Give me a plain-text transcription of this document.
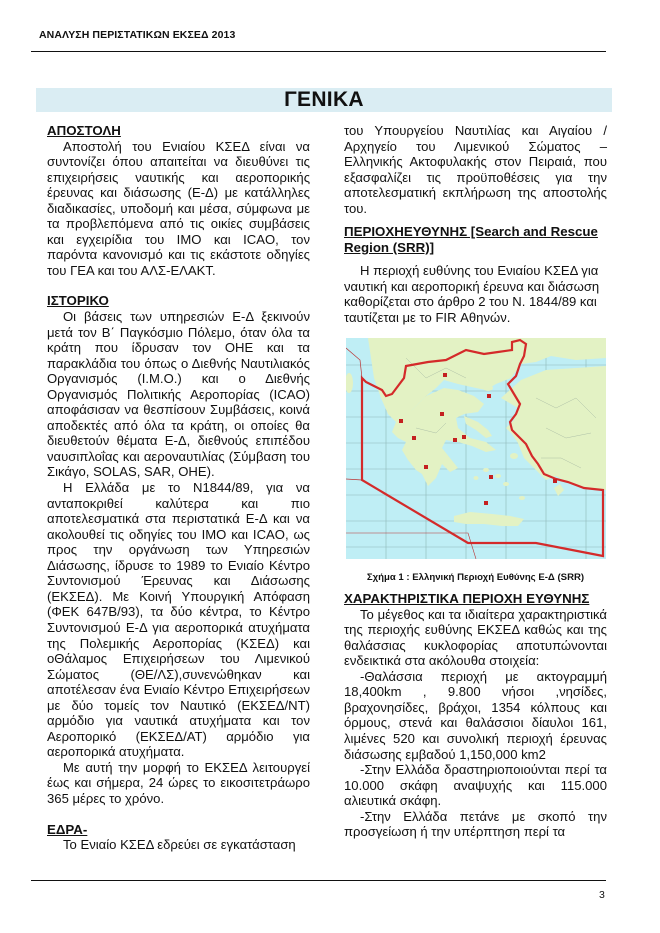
ΑΝΑΛΥΣΗ ΠΕΡΙΣΤΑΤΙΚΩΝ ΕΚΣΕΔ 2013
ΓΕΝΙΚΑ
ΑΠΟΣΤΟΛΗ

Αποστολή του Ενιαίου ΚΣΕΔ είναι να συντονίζει όπου απαιτείται να διευθύνει τις επιχειρήσεις ναυτικής και αεροπορικής έρευνας και διάσωσης (Ε-Δ) με κατάλληλες διαδικασίες, υποδομή και μέσα, σύμφωνα με τα προβλεπόμενα από τις οικίες συμβάσεις και εγχειρίδια του IMO και ICAO, τον παρόντα κανονισμό και τις εκάστοτε οδηγίες του ΓΕΑ και του ΑΛΣ-ΕΛΑΚΤ.

ΙΣΤΟΡΙΚΟ

Οι βάσεις των υπηρεσιών Ε-Δ ξεκινούν μετά τον Β΄ Παγκόσμιο Πόλεμο, όταν όλα τα κράτη που ίδρυσαν τον ΟΗΕ και τα παρακλάδια του όπως ο Διεθνής Ναυτιλιακός Οργανισμός (Ι.Μ.Ο.) και ο Διεθνής Οργανισμός Πολιτικής Αεροπορίας (ICAO) αποφάσισαν να θεσπίσουν Συμβάσεις, κοινά αποδεκτές από όλα τα κράτη, οι οποίες θα διευθετούν θέματα Ε-Δ, διεθνούς επιπέδου ναυσιπλοΐας και αεροναυτιλίας (Σύμβαση του Σικάγο, SOLAS, SAR, ΟΗΕ).

Η Ελλάδα με το Ν1844/89, για να ανταποκριθεί καλύτερα και πιο αποτελεσματικά στα περιστατικά Ε-Δ και να ακολουθεί τις οδηγίες του IMO και ICAO, ως προς την οργάνωση των Υπηρεσιών Διάσωσης, ίδρυσε το 1989 το Ενιαίο Κέντρο Συντονισμού Έρευνας και Διάσωσης (ΕΚΣΕΔ). Με Κοινή Υπουργική Απόφαση (ΦΕΚ 647Β/93), τα δύο κέντρα, το Κέντρο Συντονισμού Ε-Δ για αεροπορικά ατυχήματα της Πολεμικής Αεροπορίας (ΚΣΕΔ) και οΘάλαμος Επιχειρήσεων του Λιμενικού Σώματος (ΘΕ/ΛΣ),συνενώθηκαν και αποτέλεσαν ένα Ενιαίο Κέντρο Επιχειρήσεων με δύο τομείς τον Ναυτικό (ΕΚΣΕΔ/ΝΤ) αρμόδιο για ναυτικά ατυχήματα και τον Αεροπορικό (ΕΚΣΕΔ/ΑΤ) αρμόδιο για αεροπορικά ατυχήματα.

Με αυτή την μορφή το ΕΚΣΕΔ λειτουργεί έως και σήμερα, 24 ώρες το εικοσιτετράωρο 365 μέρες το χρόνο.

ΕΔΡΑ-

Το Ενιαίο ΚΣΕΔ εδρεύει σε εγκατάσταση

του Υπουργείου Ναυτιλίας και Αιγαίου / Αρχηγείο του Λιμενικού Σώματος – Ελληνικής Ακτοφυλακής στον Πειραιά, που εξασφαλίζει τις προϋποθέσεις για την αποτελεσματική εκπλήρωση της αποστολής του.

ΠΕΡΙΟΧΗΕΥΘΥΝΗΣ [Search and Rescue Region (SRR)]

Η περιοχή ευθύνης του Ενιαίου ΚΣΕΔ για ναυτική και αεροπορική έρευνα και διάσωση καθορίζεται στο άρθρο 2 του Ν. 1844/89 και ταυτίζεται με το FIR Αθηνών.

Σχήμα 1 : Ελληνική Περιοχή Ευθύνης Ε-Δ (SRR)

ΧΑΡΑΚΤΗΡΙΣΤΙΚΑ ΠΕΡΙΟΧΗ ΕΥΘΥΝΗΣ

Το μέγεθος και τα ιδιαίτερα χαρακτηριστικά της περιοχής ευθύνης ΕΚΣΕΔ καθώς και της θαλάσσιας κυκλοφορίας αποτυπώνονται ενδεικτικά στα ακόλουθα στοιχεία:

-Θαλάσσια περιοχή με ακτογραμμή 18,400km , 9.800 νήσοι ,νησίδες, βραχονησίδες, βράχοι, 1354 κόλπους και όρμους, στενά και θαλάσσιοι δίαυλοι 161, λιμένες 520 και συνολική περιοχή έρευνας διάσωσης εμβαδού 1,150,000 km2

-Στην Ελλάδα δραστηριοποιούνται περί τα 10.000 σκάφη αναψυχής και 115.000 αλιευτικά σκάφη.

-Στην Ελλάδα πετάνε με σκοπό την προσγείωση ή την υπέρπτηση περί τα

3
